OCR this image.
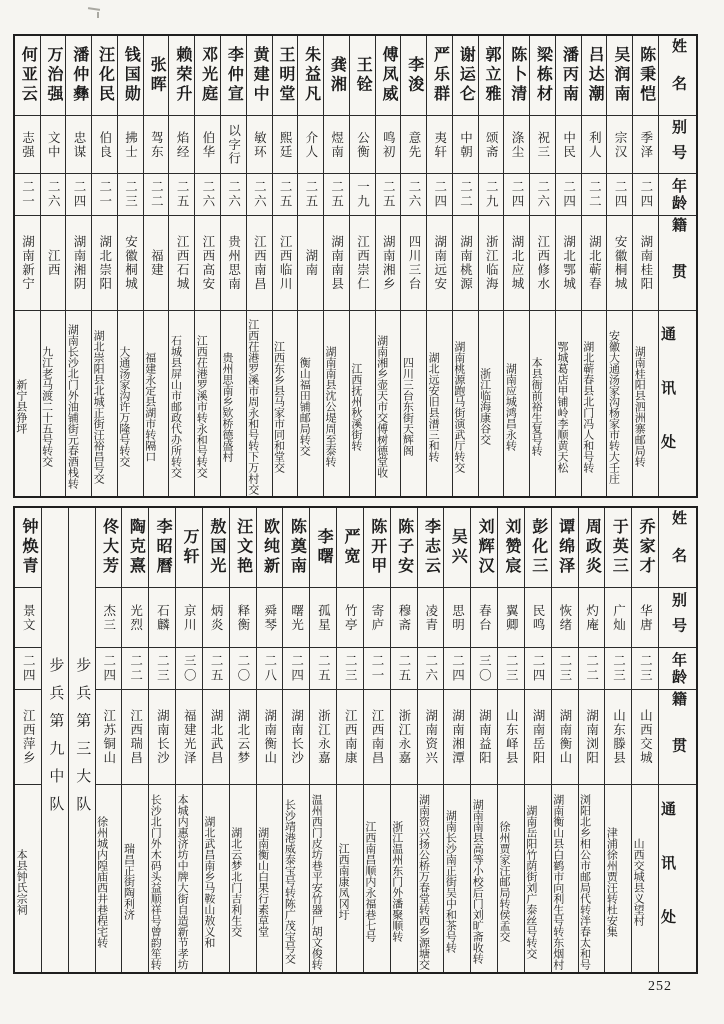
姓名
别号
年龄
籍贯
通讯处
陈秉恺
季泽
二四
湖南桂阳
湖南桂阳县泗洲寨邮局转
吴润南
宗汉
二四
安徽桐城
安徽大通汤家沟杨家市转大壬庄
吕达潮
利人
二二
湖北蕲春
湖北蕲春县北门冯人和号转
潘丙南
中民
二四
湖北鄂城
鄂城葛店甲铺岭李顺黄天松
梁栋材
祝三
二六
江西修水
本县衙前裕生复号转
陈卜清
涤尘
二四
湖北应城
湖南应城鸿昌永转
郭立雅
颂斋
二九
浙江临海
浙江临海康谷交
谢运仑
中朝
二二
湖南桃源
湖南桃源跑马街演武厅转交
严乐群
夷轩
二四
湖南远安
湖北远安旧县潽三和转
李浚
意先
二六
四川三台
四川三台东街天辉阁
傅凤威
鸣初
二五
湖南湘乡
湖南湘乡壶天市交傅树德堂收
王铨
公衡
一九
江西崇仁
江西抚州秋溪街转
龚湘
煜南
二五
湖南南县
湖南南县沈公堤周至泰转
朱益凡
介人
二五
湖南
衡山福田铺邮局转交
王明堂
熙廷
二五
江西临川
江西东乡县马家市同和堂交
黄建中
敏环
二六
江西南昌
江西茌港罗溪市周永和号转下万村交
李仲宣
以字行
二六
贵州思南
贵州思南乡欵桥德盛村
邓光庭
伯华
二六
江西高安
江西茌港罗溪市转永和号转交
赖荣升
焰经
二五
江西石城
石城县屏山市邮政代办所转交
张晖
驾东
二二
福建
福建永定县湖市转隔口
钱国勋
拂士
二三
安徽桐城
大通汤家沟许万隆号转交
汪化民
伯良
二一
湖北崇阳
湖北崇阳县北城正街汪裕昌号交
潘仲彝
忠谋
二四
湖南湘阴
湖南长沙北门外油铺街元春酒栈转
万治强
文中
二六
江西
九江老马渡二十五号转交
何亚云
志强
二一
湖南新宁
新宁县狰坪
姓名
别号
年龄
籍贯
通讯处
乔家才
华唐
二三
山西交城
山西交城县义望村
于英三
广灿
二三
山东滕县
津浦徐州贾汪转杜安集
周政炎
灼庵
二二
湖南浏阳
浏阳北乡相公市邮局代转泮春太和号
谭绵泽
恢绪
二三
湖南衡山
湖南衡山县白鹤市向利生号转东烟村
彭化三
民鸣
二四
湖南岳阳
湖南岳阳竹荫街刘广泰丝号转交
刘赞宸
翼卿
二三
山东峄县
徐州贾家汪邮局转侯孟交
刘辉汉
春台
三〇
湖南益阳
湖南南县高等小校后门刘旷斋收转
吴兴
思明
二四
湖南湘潭
湖南长沙南正街吴中和茶号转
李志云
凌青
二六
湖南资兴
湖南资兴扬公桥万春堂转西乡源塘交
陈子安
穆斋
二五
浙江永嘉
浙江温州东门外潘聚顺转
陈开甲
寄庐
二一
江西南昌
江西南昌顺内永福巷七号
严宽
竹亭
二三
江西南康
江西南康凤冈圩
李曙
孤星
二五
浙江永嘉
温州西门皮坊巷平安竹器厂胡文俊转
陈奠南
曙光
二四
湖南长沙
长沙靖港威泰宝号转陈广茂宝号交
欧纯新
舜琴
二八
湖南衡山
湖南衡山白果行素草堂
汪文艳
释衡
二〇
湖北云梦
湖北云梦北门吉利生交
敖国光
炳炎
二五
湖北武昌
湖北武昌南乡马鞍山敖义和
万轩
京川
三〇
福建光泽
本城内惠济坊中牌大街自造新节孝坊
李昭曆
石麟
二三
湖南长沙
长沙北门外木码头益顺祥号曾韵笙转
陶克熹
光烈
二二
江西瑞昌
瑞昌正街陶利济
佟大芳
杰三
二四
江苏铜山
徐州城内隍庙西井巷程宅转
步兵第三大队
步兵第九中队
钟焕青
景文
二四
江西萍乡
本县钟氏宗祠
252
